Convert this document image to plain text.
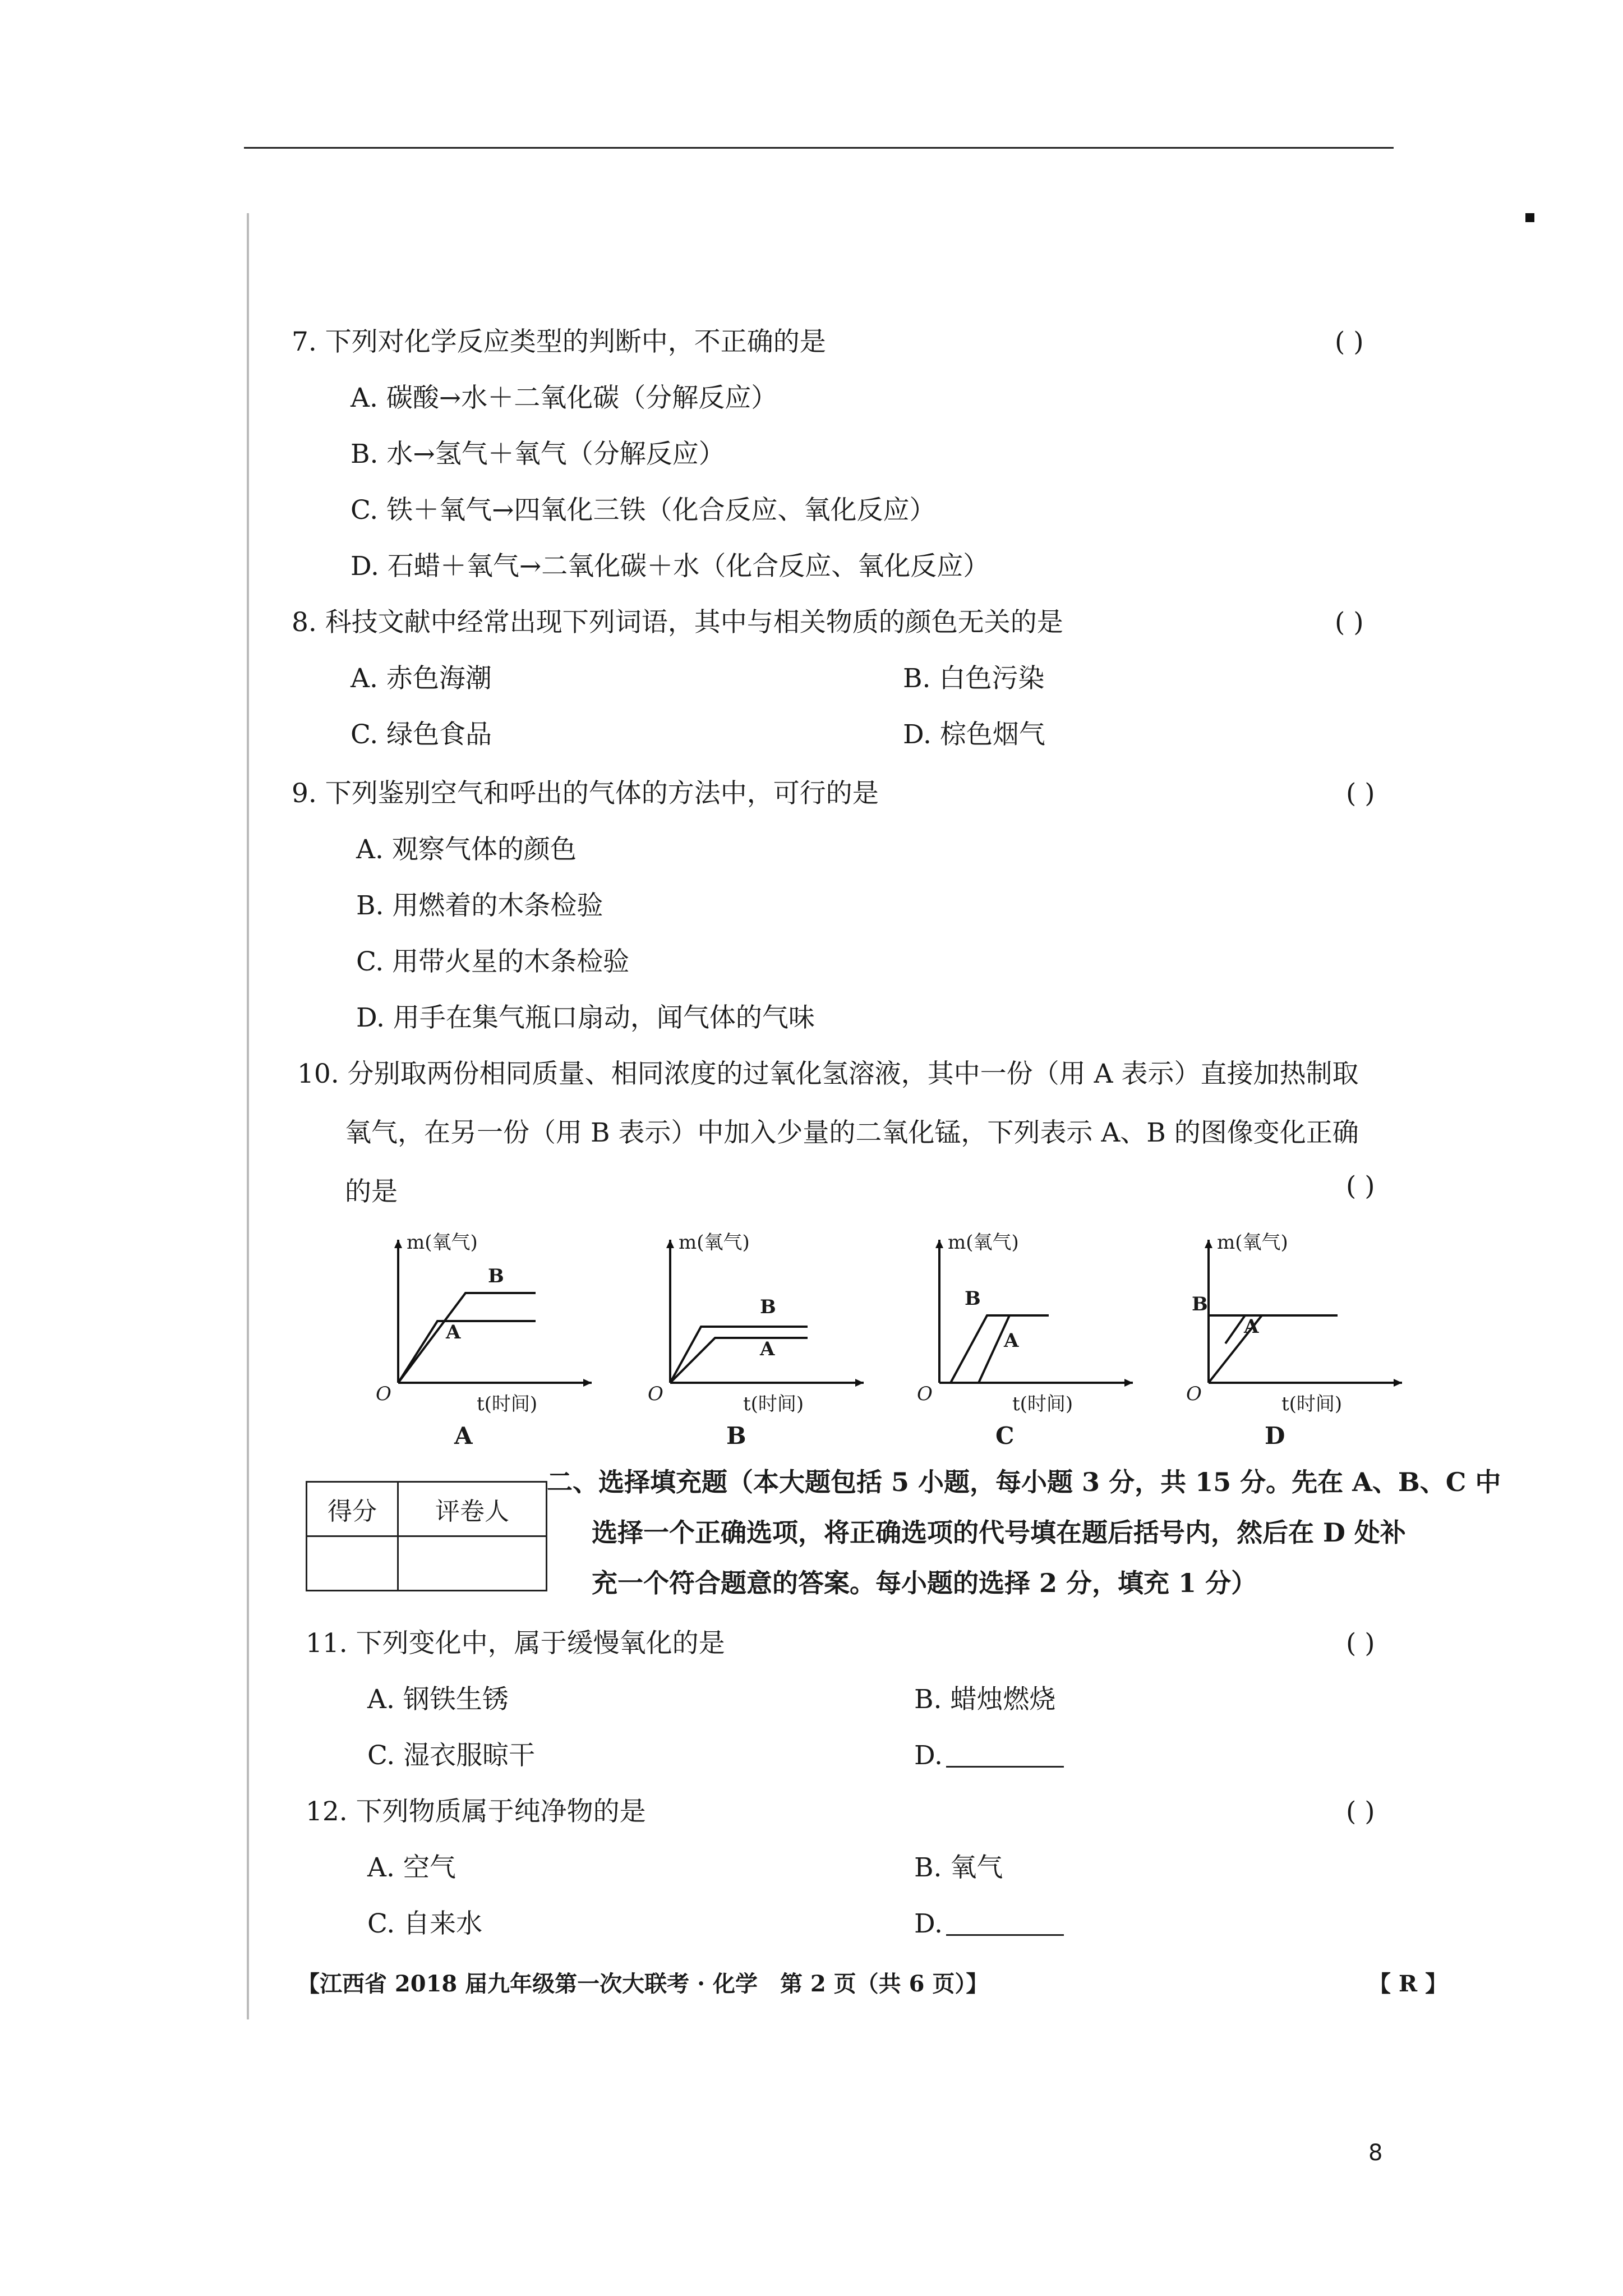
7. 下列对化学反应类型的判断中，不正确的是	( )
A. 碳酸→水＋二氧化碳（分解反应）
B. 水→氢气＋氧气（分解反应）
C. 铁＋氧气→四氧化三铁（化合反应、氧化反应）
D. 石蜡＋氧气→二氧化碳＋水（化合反应、氧化反应）
8. 科技文献中经常出现下列词语，其中与相关物质的颜色无关的是	( )
A. 赤色海潮	B. 白色污染
C. 绿色食品	D. 棕色烟气
9. 下列鉴别空气和呼出的气体的方法中，可行的是	( )
A. 观察气体的颜色
B. 用燃着的木条检验
C. 用带火星的木条检验
D. 用手在集气瓶口扇动，闻气体的气味
10. 分别取两份相同质量、相同浓度的过氧化氢溶液，其中一份（用 A 表示）直接加热制取
氧气，在另一份（用 B 表示）中加入少量的二氧化锰，下列表示 A、B 的图像变化正确
的是	( )
m(氧气)
B
A
O	t(时间)
A
m(氧气)
B
A
O	t(时间)
B
m(氧气)
B
A
O	t(时间)
C
m(氧气)
B
A
O	t(时间)
D
得分	评卷人

二、选择填充题（本大题包括 5 小题，每小题 3 分，共 15 分。先在 A、B、C 中
选择一个正确选项，将正确选项的代号填在题后括号内，然后在 D 处补
充一个符合题意的答案。每小题的选择 2 分，填充 1 分）
11. 下列变化中，属于缓慢氧化的是	( )
A. 钢铁生锈	B. 蜡烛燃烧
C. 湿衣服晾干	D.
12. 下列物质属于纯净物的是	( )
A. 空气	B. 氧气
C. 自来水	D.
【江西省 2018 届九年级第一次大联考 · 化学　第 2 页（共 6 页）】	【 R 】
8
